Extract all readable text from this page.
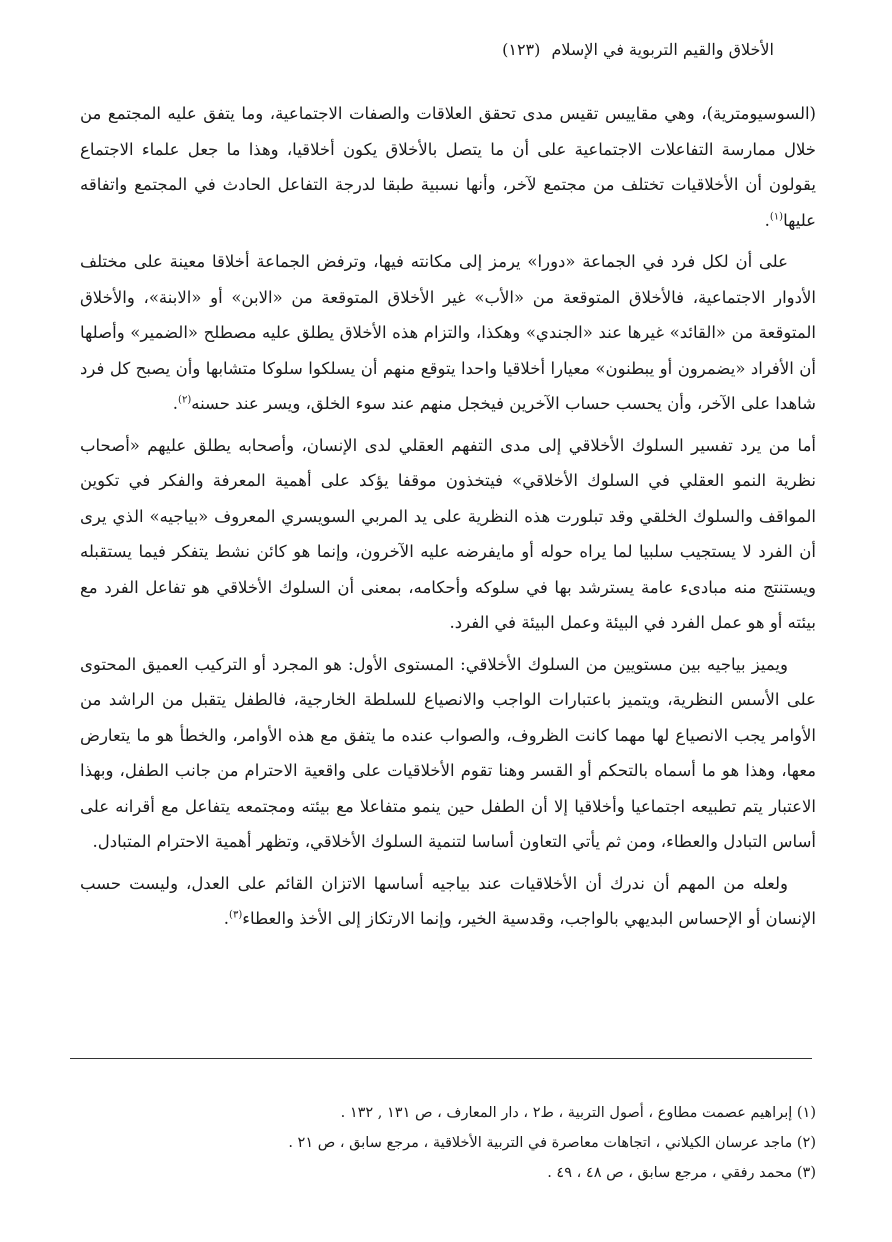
الأخلاق والقيم التربوية في الإسلام (١٢٣)

(السوسيومترية)، وهي مقاييس تقيس مدى تحقق العلاقات والصفات الاجتماعية، وما يتفق عليه المجتمع من خلال ممارسة التفاعلات الاجتماعية على أن ما يتصل بالأخلاق يكون أخلاقيا، وهذا ما جعل علماء الاجتماع يقولون أن الأخلاقيات تختلف من مجتمع لآخر، وأنها نسبية طبقا لدرجة التفاعل الحادث في المجتمع واتفاقه عليها$^{(١)}$.

على أن لكل فرد في الجماعة «دورا» يرمز إلى مكانته فيها، وترفض الجماعة أخلاقا معينة على مختلف الأدوار الاجتماعية، فالأخلاق المتوقعة من «الأب» غير الأخلاق المتوقعة من «الابن» أو «الابنة»، والأخلاق المتوقعة من «القائد» غيرها عند «الجندي» وهكذا، والتزام هذه الأخلاق يطلق عليه مصطلح «الضمير» وأصلها أن الأفراد «يضمرون أو يبطنون» معيارا أخلاقيا واحدا يتوقع منهم أن يسلكوا سلوكا متشابها وأن يصبح كل فرد شاهدا على الآخر، وأن يحسب حساب الآخرين فيخجل منهم عند سوء الخلق، ويسر عند حسنه$^{(٢)}$.

أما من يرد تفسير السلوك الأخلاقي إلى مدى التفهم العقلي لدى الإنسان، وأصحابه يطلق عليهم «أصحاب نظرية النمو العقلي في السلوك الأخلاقي» فيتخذون موقفا يؤكد على أهمية المعرفة والفكر في تكوين المواقف والسلوك الخلقي وقد تبلورت هذه النظرية على يد المربي السويسري المعروف «بياجيه» الذي يرى أن الفرد لا يستجيب سلبيا لما يراه حوله أو مايفرضه عليه الآخرون، وإنما هو كائن نشط يتفكر فيما يستقبله ويستنتج منه مبادىء عامة يسترشد بها في سلوكه وأحكامه، بمعنى أن السلوك الأخلاقي هو تفاعل الفرد مع بيئته أو هو عمل الفرد في البيئة وعمل البيئة في الفرد.

ويميز بياجيه بين مستويين من السلوك الأخلاقي: المستوى الأول: هو المجرد أو التركيب العميق المحتوى على الأسس النظرية، ويتميز باعتبارات الواجب والانصياع للسلطة الخارجية، فالطفل يتقبل من الراشد من الأوامر يجب الانصياع لها مهما كانت الظروف، والصواب عنده ما يتفق مع هذه الأوامر، والخطأ هو ما يتعارض معها، وهذا هو ما أسماه بالتحكم أو القسر وهنا تقوم الأخلاقيات على واقعية الاحترام من جانب الطفل، وبهذا الاعتبار يتم تطبيعه اجتماعيا وأخلاقيا إلا أن الطفل حين ينمو متفاعلا مع بيئته ومجتمعه يتفاعل مع أقرانه على أساس التبادل والعطاء، ومن ثم يأتي التعاون أساسا لتنمية السلوك الأخلاقي، وتظهر أهمية الاحترام المتبادل.

ولعله من المهم أن ندرك أن الأخلاقيات عند بياجيه أساسها الاتزان القائم على العدل، وليست حسب الإنسان أو الإحساس البديهي بالواجب، وقدسية الخير، وإنما الارتكاز إلى الأخذ والعطاء$^{(٣)}$.

(١) إبراهيم عصمت مطاوع ، أصول التربية ، ط٢ ، دار المعارف ، ص ١٣١ , ١٣٢ .
(٢) ماجد عرسان الكيلاني ، اتجاهات معاصرة في التربية الأخلاقية ، مرجع سابق ، ص ٢١ .
(٣) محمد رفقي ، مرجع سابق ، ص ٤٨ ، ٤٩ .
